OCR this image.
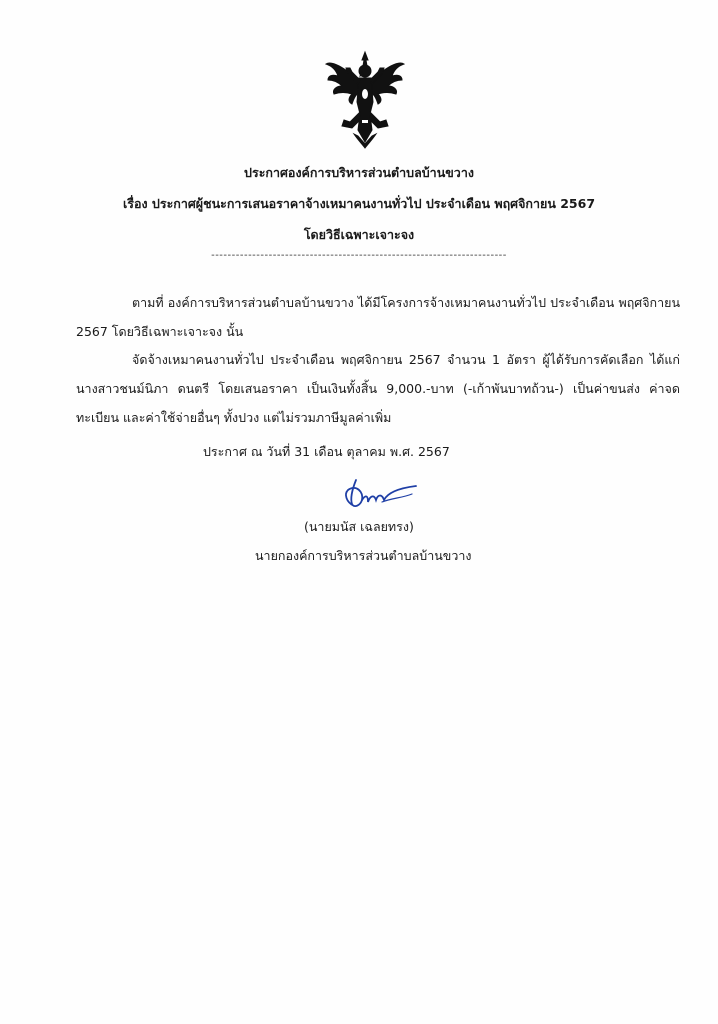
ประกาศองค์การบริหารส่วนตำบลบ้านขวาง
เรื่อง ประกาศผู้ชนะการเสนอราคาจ้างเหมาคนงานทั่วไป ประจำเดือน พฤศจิกายน 2567
โดยวิธีเฉพาะเจาะจง
------------------------------------------------------------------------
ตามที่ องค์การบริหารส่วนตำบลบ้านขวาง ได้มีโครงการจ้างเหมาคนงานทั่วไป ประจำเดือน พฤศจิกายน
2567 โดยวิธีเฉพาะเจาะจง นั้น
จัดจ้างเหมาคนงานทั่วไป ประจำเดือน พฤศจิกายน 2567 จำนวน 1 อัตรา ผู้ได้รับการคัดเลือก ได้แก่
นางสาวชนม์นิภา ดนตรี โดยเสนอราคา เป็นเงินทั้งสิ้น 9,000.-บาท (-เก้าพันบาทถ้วน-) เป็นค่าขนส่ง ค่าจด
ทะเบียน และค่าใช้จ่ายอื่นๆ ทั้งปวง แต่ไม่รวมภาษีมูลค่าเพิ่ม
ประกาศ ณ วันที่ 31 เดือน ตุลาคม พ.ศ. 2567
(นายมนัส เฉลยทรง)
นายกองค์การบริหารส่วนตำบลบ้านขวาง
